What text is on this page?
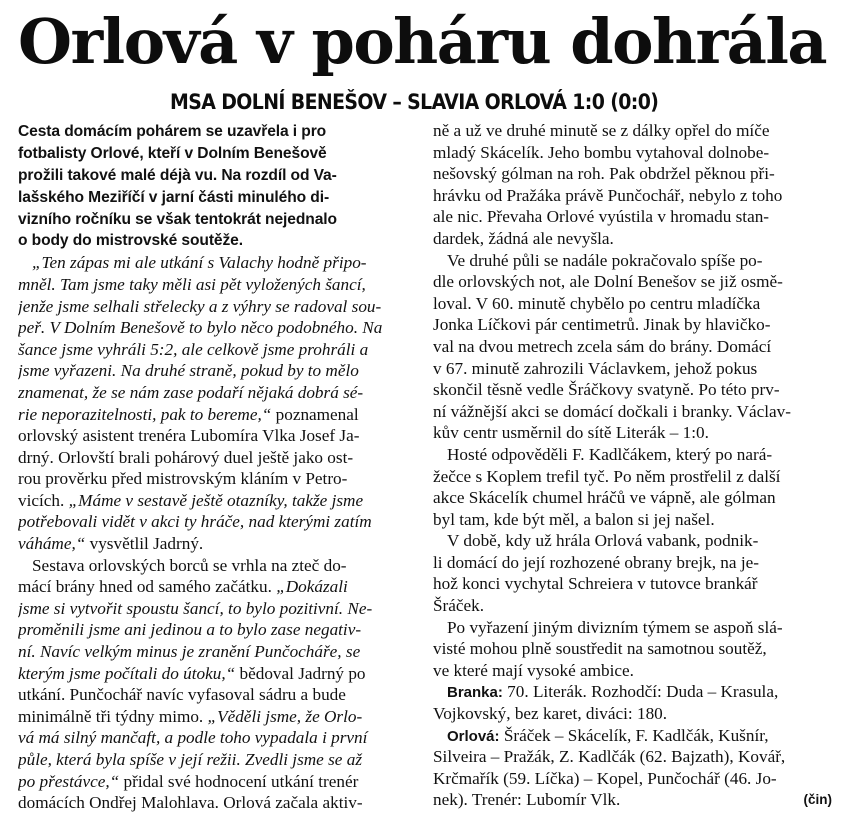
Orlová v poháru dohrála
MSA DOLNÍ BENEŠOV – SLAVIA ORLOVÁ 1:0 (0:0)

Cesta domácím pohárem se uzavřela i pro
fotbalisty Orlové, kteří v Dolním Benešově
prožili takové malé déjà vu. Na rozdíl od Va-
lašského Meziříčí v jarní části minulého di-
vizního ročníku se však tentokrát nejednalo
o body do mistrovské soutěže.

„Ten zápas mi ale utkání s Valachy hodně připo-
mněl. Tam jsme taky měli asi pět vyložených šancí,
jenže jsme selhali střelecky a z výhry se radoval sou-
peř. V Dolním Benešově to bylo něco podobného. Na
šance jsme vyhráli 5:2, ale celkově jsme prohráli a
jsme vyřazeni. Na druhé straně, pokud by to mělo
znamenat, že se nám zase podaří nějaká dobrá sé-
rie neporazitelnosti, pak to bereme,“ poznamenal
orlovský asistent trenéra Lubomíra Vlka Josef Ja-
drný. Orlovští brali pohárový duel ještě jako ost-
rou prověrku před mistrovským kláním v Petro-
vicích. „Máme v sestavě ještě otazníky, takže jsme
potřebovali vidět v akci ty hráče, nad kterými zatím
váháme,“ vysvětlil Jadrný.

Sestava orlovských borců se vrhla na zteč do-
mácí brány hned od samého začátku. „Dokázali
jsme si vytvořit spoustu šancí, to bylo pozitivní. Ne-
proměnili jsme ani jedinou a to bylo zase negativ-
ní. Navíc velkým minus je zranění Punčocháře, se
kterým jsme počítali do útoku,“ bědoval Jadrný po
utkání. Punčochář navíc vyfasoval sádru a bude
minimálně tři týdny mimo. „Věděli jsme, že Orlo-
vá má silný mančaft, a podle toho vypadala i první
půle, která byla spíše v její režii. Zvedli jsme se až
po přestávce,“ přidal své hodnocení utkání trenér
domácích Ondřej Malohlava. Orlová začala aktiv-

ně a už ve druhé minutě se z dálky opřel do míče
mladý Skácelík. Jeho bombu vytahoval dolnobe-
nešovský gólman na roh. Pak obdržel pěknou při-
hrávku od Pražáka právě Punčochář, nebylo z toho
ale nic. Převaha Orlové vyústila v hromadu stan-
dardek, žádná ale nevyšla.

Ve druhé půli se nadále pokračovalo spíše po-
dle orlovských not, ale Dolní Benešov se již osmě-
loval. V 60. minutě chybělo po centru mladíčka
Jonka Líčkovi pár centimetrů. Jinak by hlavičko-
val na dvou metrech zcela sám do brány. Domácí
v 67. minutě zahrozili Václavkem, jehož pokus
skončil těsně vedle Šráčkovy svatyně. Po této prv-
ní vážnější akci se domácí dočkali i branky. Václav-
kův centr usměrnil do sítě Literák – 1:0.

Hosté odpověděli F. Kadlčákem, který po nará-
žečce s Koplem trefil tyč. Po něm prostřelil z další
akce Skácelík chumel hráčů ve vápně, ale gólman
byl tam, kde být měl, a balon si jej našel.

V době, kdy už hrála Orlová vabank, podnik-
li domácí do její rozhozené obrany brejk, na je-
hož konci vychytal Schreiera v tutovce brankář
Šráček.

Po vyřazení jiným divizním týmem se aspoň slá-
visté mohou plně soustředit na samotnou soutěž,
ve které mají vysoké ambice.

Branka: 70. Literák. Rozhodčí: Duda – Krasula,
Vojkovský, bez karet, diváci: 180.

Orlová: Šráček – Skácelík, F. Kadlčák, Kušnír,
Silveira – Pražák, Z. Kadlčák (62. Bajzath), Kovář,
Krčmařík (59. Líčka) – Kopel, Punčochář (46. Jo-
nek). Trenér: Lubomír Vlk.	(čin)
